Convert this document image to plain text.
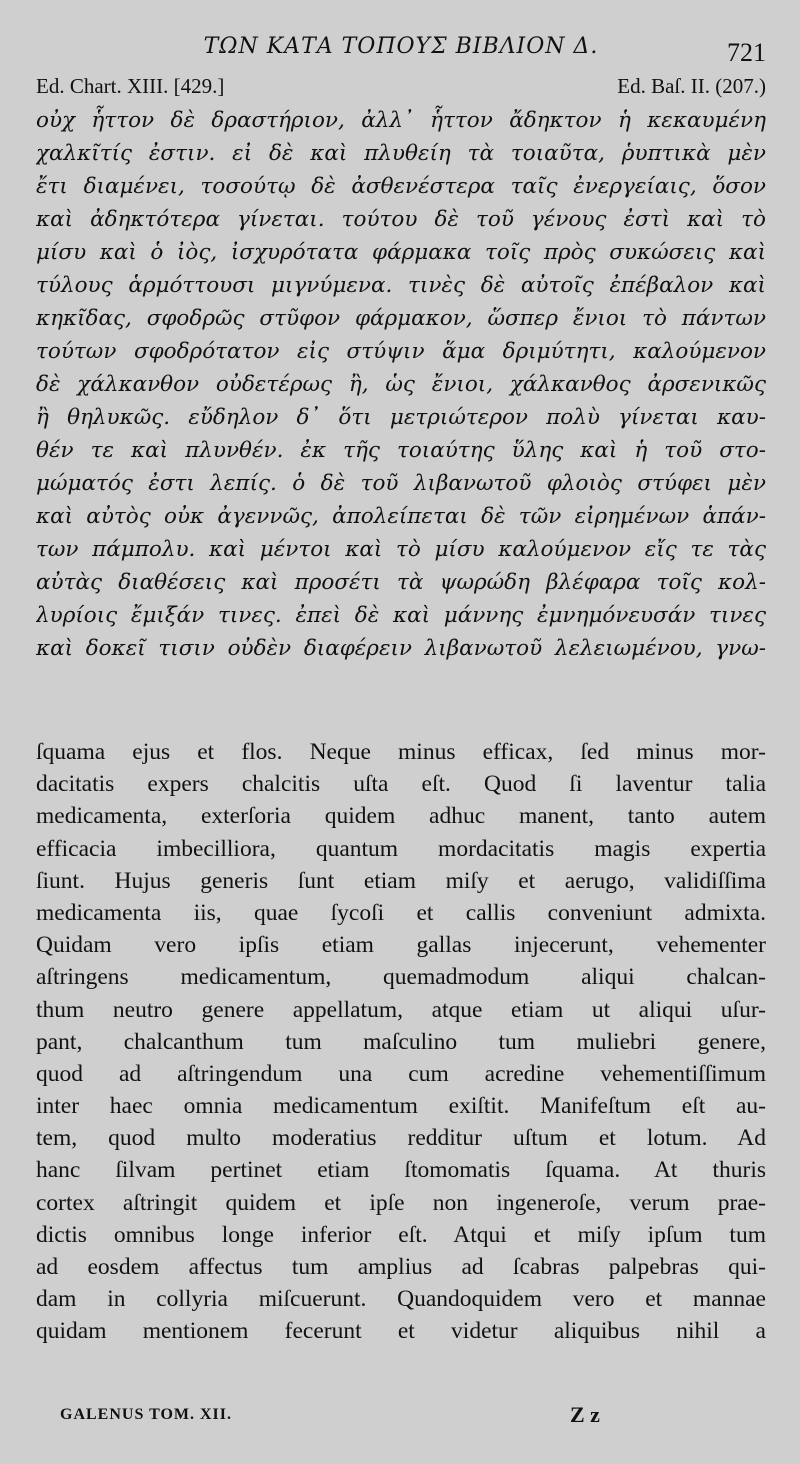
ΤΩΝ ΚΑΤΑ ΤΟΠΟΥΣ ΒΙΒΛΙΟΝ Δ.	721
Ed. Chart. XIII. [429.]	Ed. Baſ. II. (207.)
οὐχ ἧττον δὲ δραστήριον, ἀλλ᾽ ἧττον ἄδηκτον ἡ κεκαυμένη
χαλκῖτίς ἐστιν. εἰ δὲ καὶ πλυθείη τὰ τοιαῦτα, ῥυπτικὰ μὲν
ἔτι διαμένει, τοσούτῳ δὲ ἀσθενέστερα ταῖς ἐνεργείαις, ὅσον
καὶ ἀδηκτότερα γίνεται. τούτου δὲ τοῦ γένους ἐστὶ καὶ τὸ
μίσυ καὶ ὁ ἰὸς, ἰσχυρότατα φάρμακα τοῖς πρὸς συκώσεις καὶ
τύλους ἁρμόττουσι μιγνύμενα. τινὲς δὲ αὐτοῖς ἐπέβαλον καὶ
κηκῖδας, σφοδρῶς στῦφον φάρμακον, ὥσπερ ἔνιοι τὸ πάντων
τούτων σφοδρότατον εἰς στύψιν ἅμα δριμύτητι, καλούμενον
δὲ χάλκανθον οὐδετέρως ἢ, ὡς ἔνιοι, χάλκανθος ἀρσενικῶς
ἢ θηλυκῶς. εὔδηλον δ᾽ ὅτι μετριώτερον πολὺ γίνεται καυ-
θέν τε καὶ πλυνθέν. ἐκ τῆς τοιαύτης ὕλης καὶ ἡ τοῦ στο-
μώματός ἐστι λεπίς. ὁ δὲ τοῦ λιβανωτοῦ φλοιὸς στύφει μὲν
καὶ αὐτὸς οὐκ ἀγεννῶς, ἀπολείπεται δὲ τῶν εἰρημένων ἁπάν-
των πάμπολυ. καὶ μέντοι καὶ τὸ μίσυ καλούμενον εἴς τε τὰς
αὐτὰς διαθέσεις καὶ προσέτι τὰ ψωρώδη βλέφαρα τοῖς κολ-
λυρίοις ἔμιξάν τινες. ἐπεὶ δὲ καὶ μάννης ἐμνημόνευσάν τινες
καὶ δοκεῖ τισιν οὐδὲν διαφέρειν λιβανωτοῦ λελειωμένου, γνω-
ſquama ejus et flos. Neque minus efficax, ſed minus mor-
dacitatis expers chalcitis uſta eſt. Quod ſi laventur talia
medicamenta, exterſoria quidem adhuc manent, tanto autem
efficacia imbecilliora, quantum mordacitatis magis expertia
ſiunt. Hujus generis ſunt etiam miſy et aerugo, validiſſima
medicamenta iis, quae ſycoſi et callis conveniunt admixta.
Quidam vero ipſis etiam gallas injecerunt, vehementer
aſtringens medicamentum, quemadmodum aliqui chalcan-
thum neutro genere appellatum, atque etiam ut aliqui uſur-
pant, chalcanthum tum maſculino tum muliebri genere,
quod ad aſtringendum una cum acredine vehementiſſimum
inter haec omnia medicamentum exiſtit. Manifeſtum eſt au-
tem, quod multo moderatius redditur uſtum et lotum. Ad
hanc ſilvam pertinet etiam ſtomomatis ſquama. At thuris
cortex aſtringit quidem et ipſe non ingeneroſe, verum prae-
dictis omnibus longe inferior eſt. Atqui et miſy ipſum tum
ad eosdem affectus tum amplius ad ſcabras palpebras qui-
dam in collyria miſcuerunt. Quandoquidem vero et mannae
quidam mentionem fecerunt et videtur aliquibus nihil a
GALENUS TOM. XII.	Z z
